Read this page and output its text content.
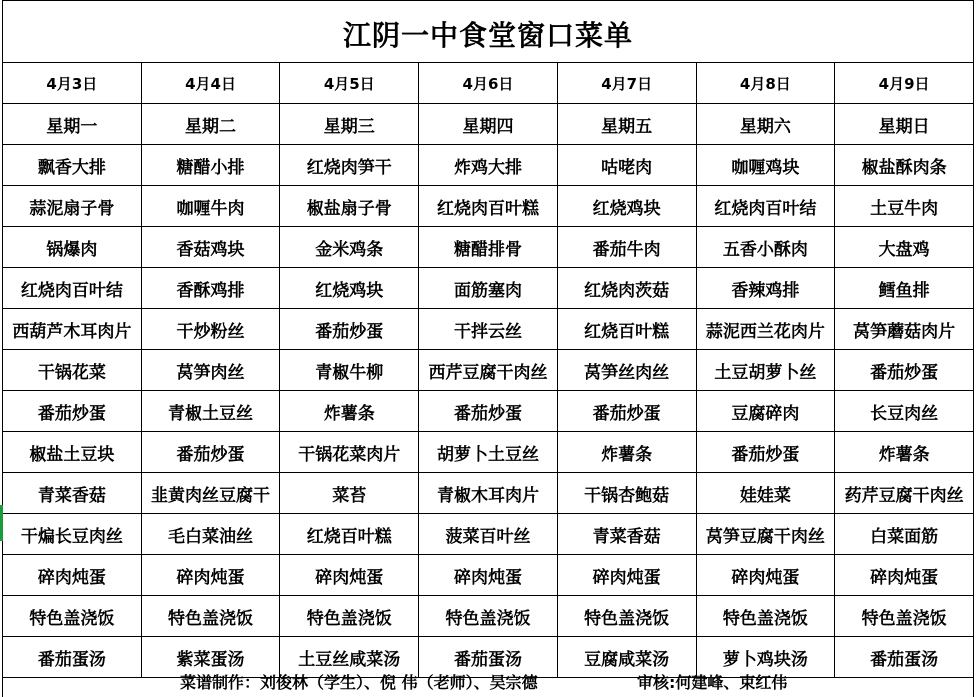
江阴一中食堂窗口菜单
4月3日	4月4日	4月5日	4月6日	4月7日	4月8日	4月9日
星期一	星期二	星期三	星期四	星期五	星期六	星期日
飘香大排	糖醋小排	红烧肉笋干	炸鸡大排	咕咾肉	咖喱鸡块	椒盐酥肉条
蒜泥扇子骨	咖喱牛肉	椒盐扇子骨	红烧肉百叶糕	红烧鸡块	红烧肉百叶结	土豆牛肉
锅爆肉	香菇鸡块	金米鸡条	糖醋排骨	番茄牛肉	五香小酥肉	大盘鸡
红烧肉百叶结	香酥鸡排	红烧鸡块	面筋塞肉	红烧肉茨菇	香辣鸡排	鳕鱼排
西葫芦木耳肉片	干炒粉丝	番茄炒蛋	干拌云丝	红烧百叶糕	蒜泥西兰花肉片	莴笋蘑菇肉片
干锅花菜	莴笋肉丝	青椒牛柳	西芹豆腐干肉丝	莴笋丝肉丝	土豆胡萝卜丝	番茄炒蛋
番茄炒蛋	青椒土豆丝	炸薯条	番茄炒蛋	番茄炒蛋	豆腐碎肉	长豆肉丝
椒盐土豆块	番茄炒蛋	干锅花菜肉片	胡萝卜土豆丝	炸薯条	番茄炒蛋	炸薯条
青菜香菇	韭黄肉丝豆腐干	菜苔	青椒木耳肉片	干锅杏鲍菇	娃娃菜	药芹豆腐干肉丝
干煸长豆肉丝	毛白菜油丝	红烧百叶糕	菠菜百叶丝	青菜香菇	莴笋豆腐干肉丝	白菜面筋
碎肉炖蛋	碎肉炖蛋	碎肉炖蛋	碎肉炖蛋	碎肉炖蛋	碎肉炖蛋	碎肉炖蛋
特色盖浇饭	特色盖浇饭	特色盖浇饭	特色盖浇饭	特色盖浇饭	特色盖浇饭	特色盖浇饭
番茄蛋汤	紫菜蛋汤	土豆丝咸菜汤	番茄蛋汤	豆腐咸菜汤	萝卜鸡块汤	番茄蛋汤
菜谱制作：刘俊林（学生）、倪 伟（老师）、吴宗德	审核:何建峰、束红伟
